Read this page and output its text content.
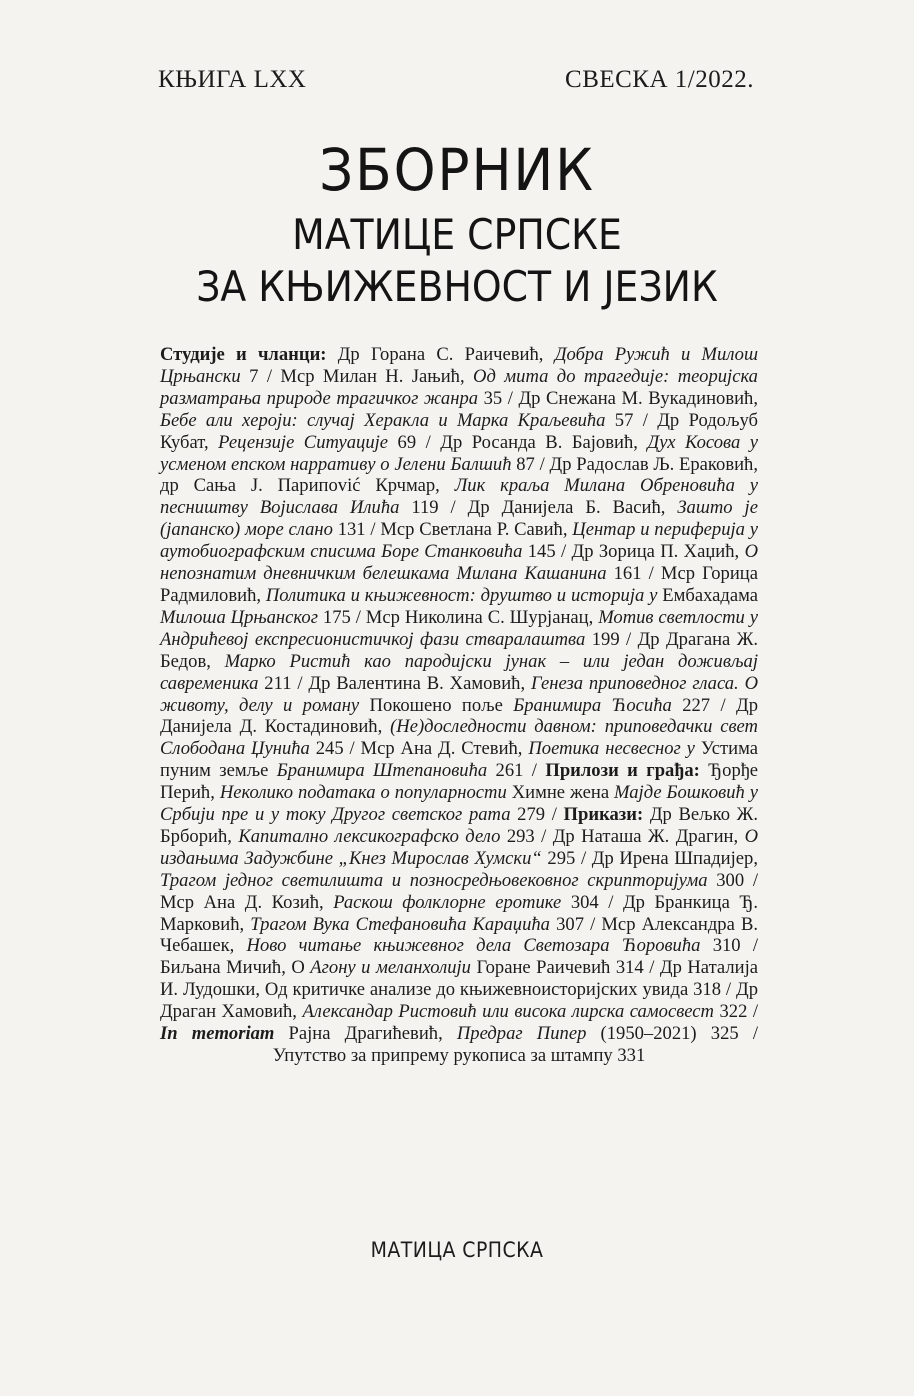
КЊИГА LXX	СВЕСКА 1/2022.
ЗБОРНИК
МАТИЦЕ СРПСКЕ
ЗА КЊИЖЕВНОСТ И ЈЕЗИК
Студије и чланци: Др Горана С. Раичевић, Добра Ружић и Милош Црњански 7 / Мср Милан Н. Јањић, Од мита до трагедије: теоријска разматрања природе трагичког жанра 35 / Др Снежана М. Вукадиновић, Бебе али хероји: случај Херакла и Марка Краљевића 57 / Др Родољуб Кубат, Рецензије Ситуације 69 / Др Росанда В. Бајовић, Дух Косова у усменом епском нарративу о Јелени Балшић 87 / Др Радослав Љ. Ераковић, др Сања Ј. Парипović Крчмар, Лик краља Милана Обреновића у песништву Војислава Илића 119 / Др Данијела Б. Васић, Зашто је (јапанско) море слано 131 / Мср Светлана Р. Савић, Центар и периферија у аутобиографским списима Боре Станковића 145 / Др Зорица П. Хаџић, О непознатим дневничким белешкама Милана Кашанина 161 / Мср Горица Радмиловић, Политика и књижевност: друштво и историја у Ембахадама Милоша Црњанског 175 / Мср Николина С. Шурјанац, Мотив светлости у Андрићевој експресионистичкој фази стваралаштва 199 / Др Драгана Ж. Бедов, Марко Ристић као пародијски јунак – или један доживљај савременика 211 / Др Валентина В. Хамовић, Генеза приповедног гласа. О животу, делу и роману Покошено поље Бранимира Ћосића 227 / Др Данијела Д. Костадиновић, (Не)доследности давном: приповедачки свет Слободана Џунића 245 / Мср Ана Д. Стевић, Поетика несвесног у Устима пуним земље Бранимира Штепановића 261 / Прилози и грађа: Ђорђе Перић, Неколико података о популарности Химне жена Мајде Бошковић у Србији пре и у току Другог светског рата 279 / Прикази: Др Вељко Ж. Брборић, Капитално лексикографско дело 293 / Др Наташа Ж. Драгин, О издањима Задужбине „Кнез Мирослав Хумски“ 295 / Др Ирена Шпадијер, Трагом једног светилишта и позносредњовековног скрипторијума 300 / Мср Ана Д. Козић, Раскош фолклорне еротике 304 / Др Бранкица Ђ. Марковић, Трагом Вука Стефановића Караџића 307 / Мср Александра В. Чебашек, Ново читање књижевног дела Светозара Ћоровића 310 / Биљана Мичић, О Агону и меланхолији Горане Раичевић 314 / Др Наталија И. Лудошки, Од критичке анализе до књижевноисторијских увида 318 / Др Драган Хамовић, Александар Ристовић или висока лирска самосвест 322 / In memoriam Рајна Драгићевић, Предраг Пипер (1950–2021) 325 / Упутство за припрему рукописа за штампу 331
МАТИЦА СРПСКА
